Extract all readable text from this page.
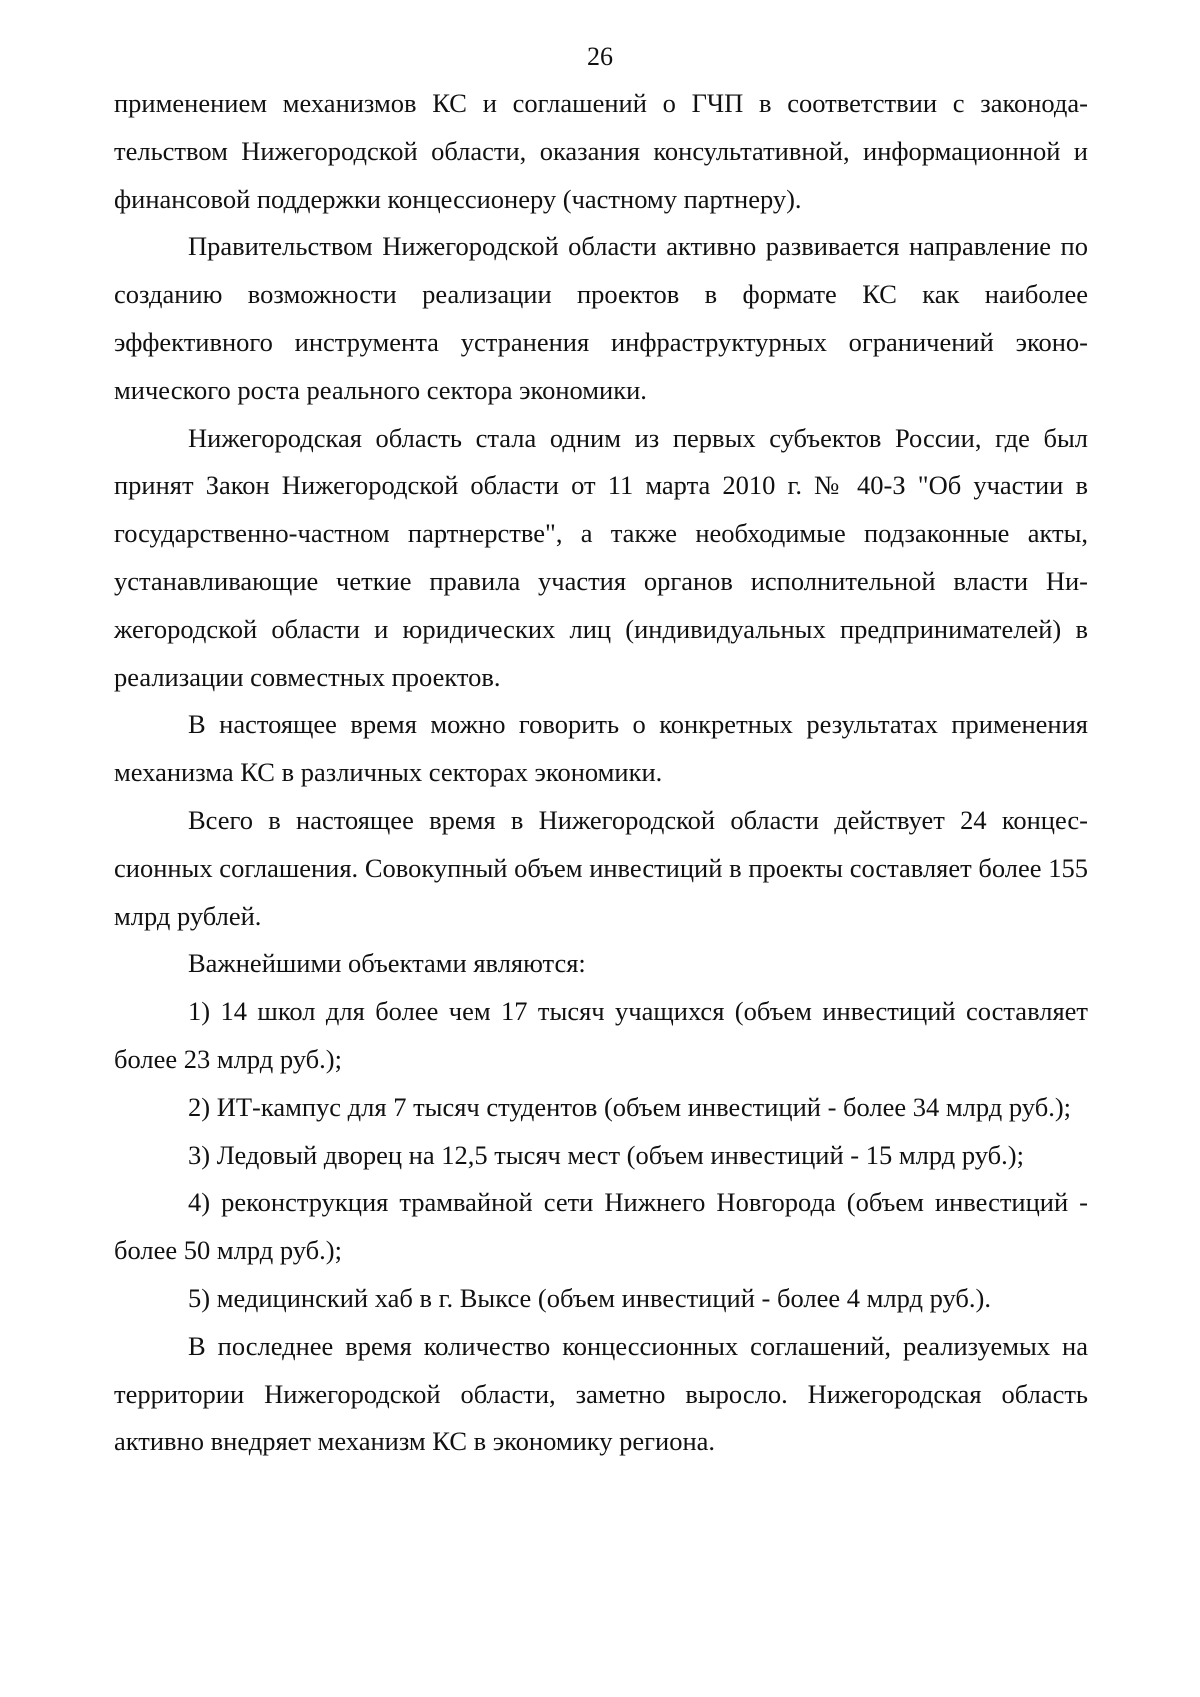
26

применением механизмов КС и соглашений о ГЧП в соответствии с законодательством Нижегородской области, оказания консультативной, информационной и финансовой поддержки концессионеру (частному партнеру).

Правительством Нижегородской области активно развивается направление по созданию возможности реализации проектов в формате КС как наиболее эффективного инструмента устранения инфраструктурных ограничений экономического роста реального сектора экономики.

Нижегородская область стала одним из первых субъектов России, где был принят Закон Нижегородской области от 11 марта 2010 г. № 40-З "Об участии в государственно-частном партнерстве", а также необходимые подзаконные акты, устанавливающие четкие правила участия органов исполнительной власти Нижегородской области и юридических лиц (индивидуальных предпринимателей) в реализации совместных проектов.

В настоящее время можно говорить о конкретных результатах применения механизма КС в различных секторах экономики.

Всего в настоящее время в Нижегородской области действует 24 концессионных соглашения. Совокупный объем инвестиций в проекты составляет более 155 млрд рублей.

Важнейшими объектами являются:

1) 14 школ для более чем 17 тысяч учащихся (объем инвестиций составляет более 23 млрд руб.);

2) ИТ-кампус для 7 тысяч студентов (объем инвестиций - более 34 млрд руб.);

3) Ледовый дворец на 12,5 тысяч мест (объем инвестиций - 15 млрд руб.);

4) реконструкция трамвайной сети Нижнего Новгорода (объем инвестиций - более 50 млрд руб.);

5) медицинский хаб в г. Выксе (объем инвестиций - более 4 млрд руб.).

В последнее время количество концессионных соглашений, реализуемых на территории Нижегородской области, заметно выросло. Нижегородская область активно внедряет механизм КС в экономику региона.
